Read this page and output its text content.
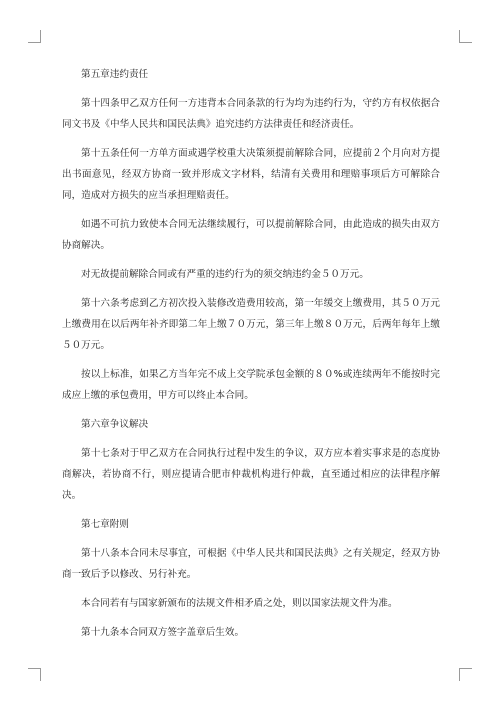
第五章违约责任

第十四条甲乙双方任何一方违背本合同条款的行为均为违约行为，守约方有权依据合同文书及《中华人民共和国民法典》追究违约方法律责任和经济责任。

第十五条任何一方单方面或遇学校重大决策须提前解除合同，应提前２个月向对方提出书面意见，经双方协商一致并形成文字材料，结清有关费用和理赔事项后方可解除合同，造成对方损失的应当承担理赔责任。

如遇不可抗力致使本合同无法继续履行，可以提前解除合同，由此造成的损失由双方协商解决。

对无故提前解除合同或有严重的违约行为的须交纳违约金５０万元。

第十六条考虑到乙方初次投入装修改造费用较高，第一年缓交上缴费用，其５０万元上缴费用在以后两年补齐即第二年上缴７０万元，第三年上缴８０万元，后两年每年上缴５０万元。

按以上标准，如果乙方当年完不成上交学院承包金额的８０%或连续两年不能按时完成应上缴的承包费用，甲方可以终止本合同。

第六章争议解决

第十七条对于甲乙双方在合同执行过程中发生的争议，双方应本着实事求是的态度协商解决，若协商不行，则应提请合肥市仲裁机构进行仲裁，直至通过相应的法律程序解决。

第七章附则

第十八条本合同未尽事宜，可根据《中华人民共和国民法典》之有关规定，经双方协商一致后予以修改、另行补充。

本合同若有与国家新颁布的法规文件相矛盾之处，则以国家法规文件为准。

第十九条本合同双方签字盖章后生效。
